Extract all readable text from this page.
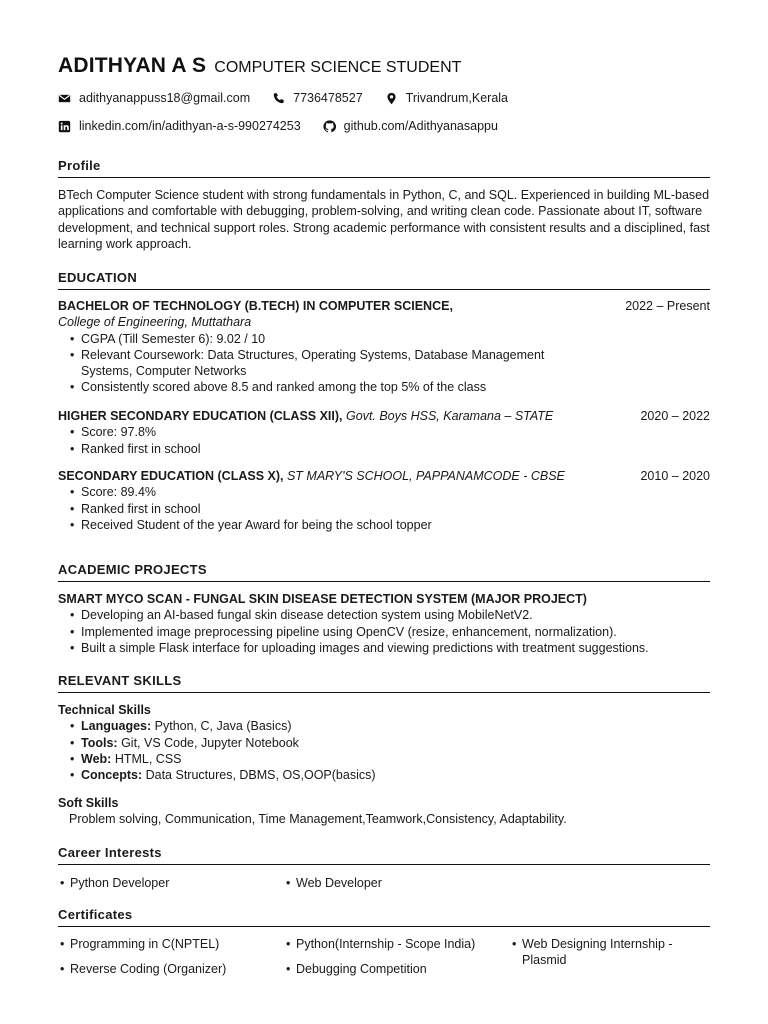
ADITHYAN A S COMPUTER SCIENCE STUDENT
adithyanappuss18@gmail.com	7736478527	Trivandrum,Kerala
linkedin.com/in/adithyan-a-s-990274253	github.com/Adithyanasappu
Profile
BTech Computer Science student with strong fundamentals in Python, C, and SQL. Experienced in building ML-based applications and comfortable with debugging, problem-solving, and writing clean code. Passionate about IT, software development, and technical support roles. Strong academic performance with consistent results and a disciplined, fast learning work approach.
EDUCATION
BACHELOR OF TECHNOLOGY (B.TECH) IN COMPUTER SCIENCE,	2022 – Present
College of Engineering, Muttathara
• CGPA (Till Semester 6): 9.02 / 10
• Relevant Coursework: Data Structures, Operating Systems, Database Management Systems, Computer Networks
• Consistently scored above 8.5 and ranked among the top 5% of the class
HIGHER SECONDARY EDUCATION (CLASS XII), Govt. Boys HSS, Karamana – STATE	2020 – 2022
• Score: 97.8%
• Ranked first in school
SECONDARY EDUCATION (CLASS X), ST MARY'S SCHOOL, PAPPANAMCODE - CBSE	2010 – 2020
• Score: 89.4%
• Ranked first in school
• Received Student of the year Award for being the school topper
ACADEMIC PROJECTS
SMART MYCO SCAN - FUNGAL SKIN DISEASE DETECTION SYSTEM (MAJOR PROJECT)
• Developing an AI-based fungal skin disease detection system using MobileNetV2.
• Implemented image preprocessing pipeline using OpenCV (resize, enhancement, normalization).
• Built a simple Flask interface for uploading images and viewing predictions with treatment suggestions.
RELEVANT SKILLS
Technical Skills
• Languages: Python, C, Java (Basics)
• Tools: Git, VS Code, Jupyter Notebook
• Web: HTML, CSS
• Concepts: Data Structures, DBMS, OS,OOP(basics)
Soft Skills
Problem solving, Communication, Time Management,Teamwork,Consistency, Adaptability.
Career Interests
• Python Developer	• Web Developer
Certificates
• Programming in C(NPTEL)	• Python(Internship - Scope India)	• Web Designing Internship - Plasmid
• Reverse Coding (Organizer)	• Debugging Competition
